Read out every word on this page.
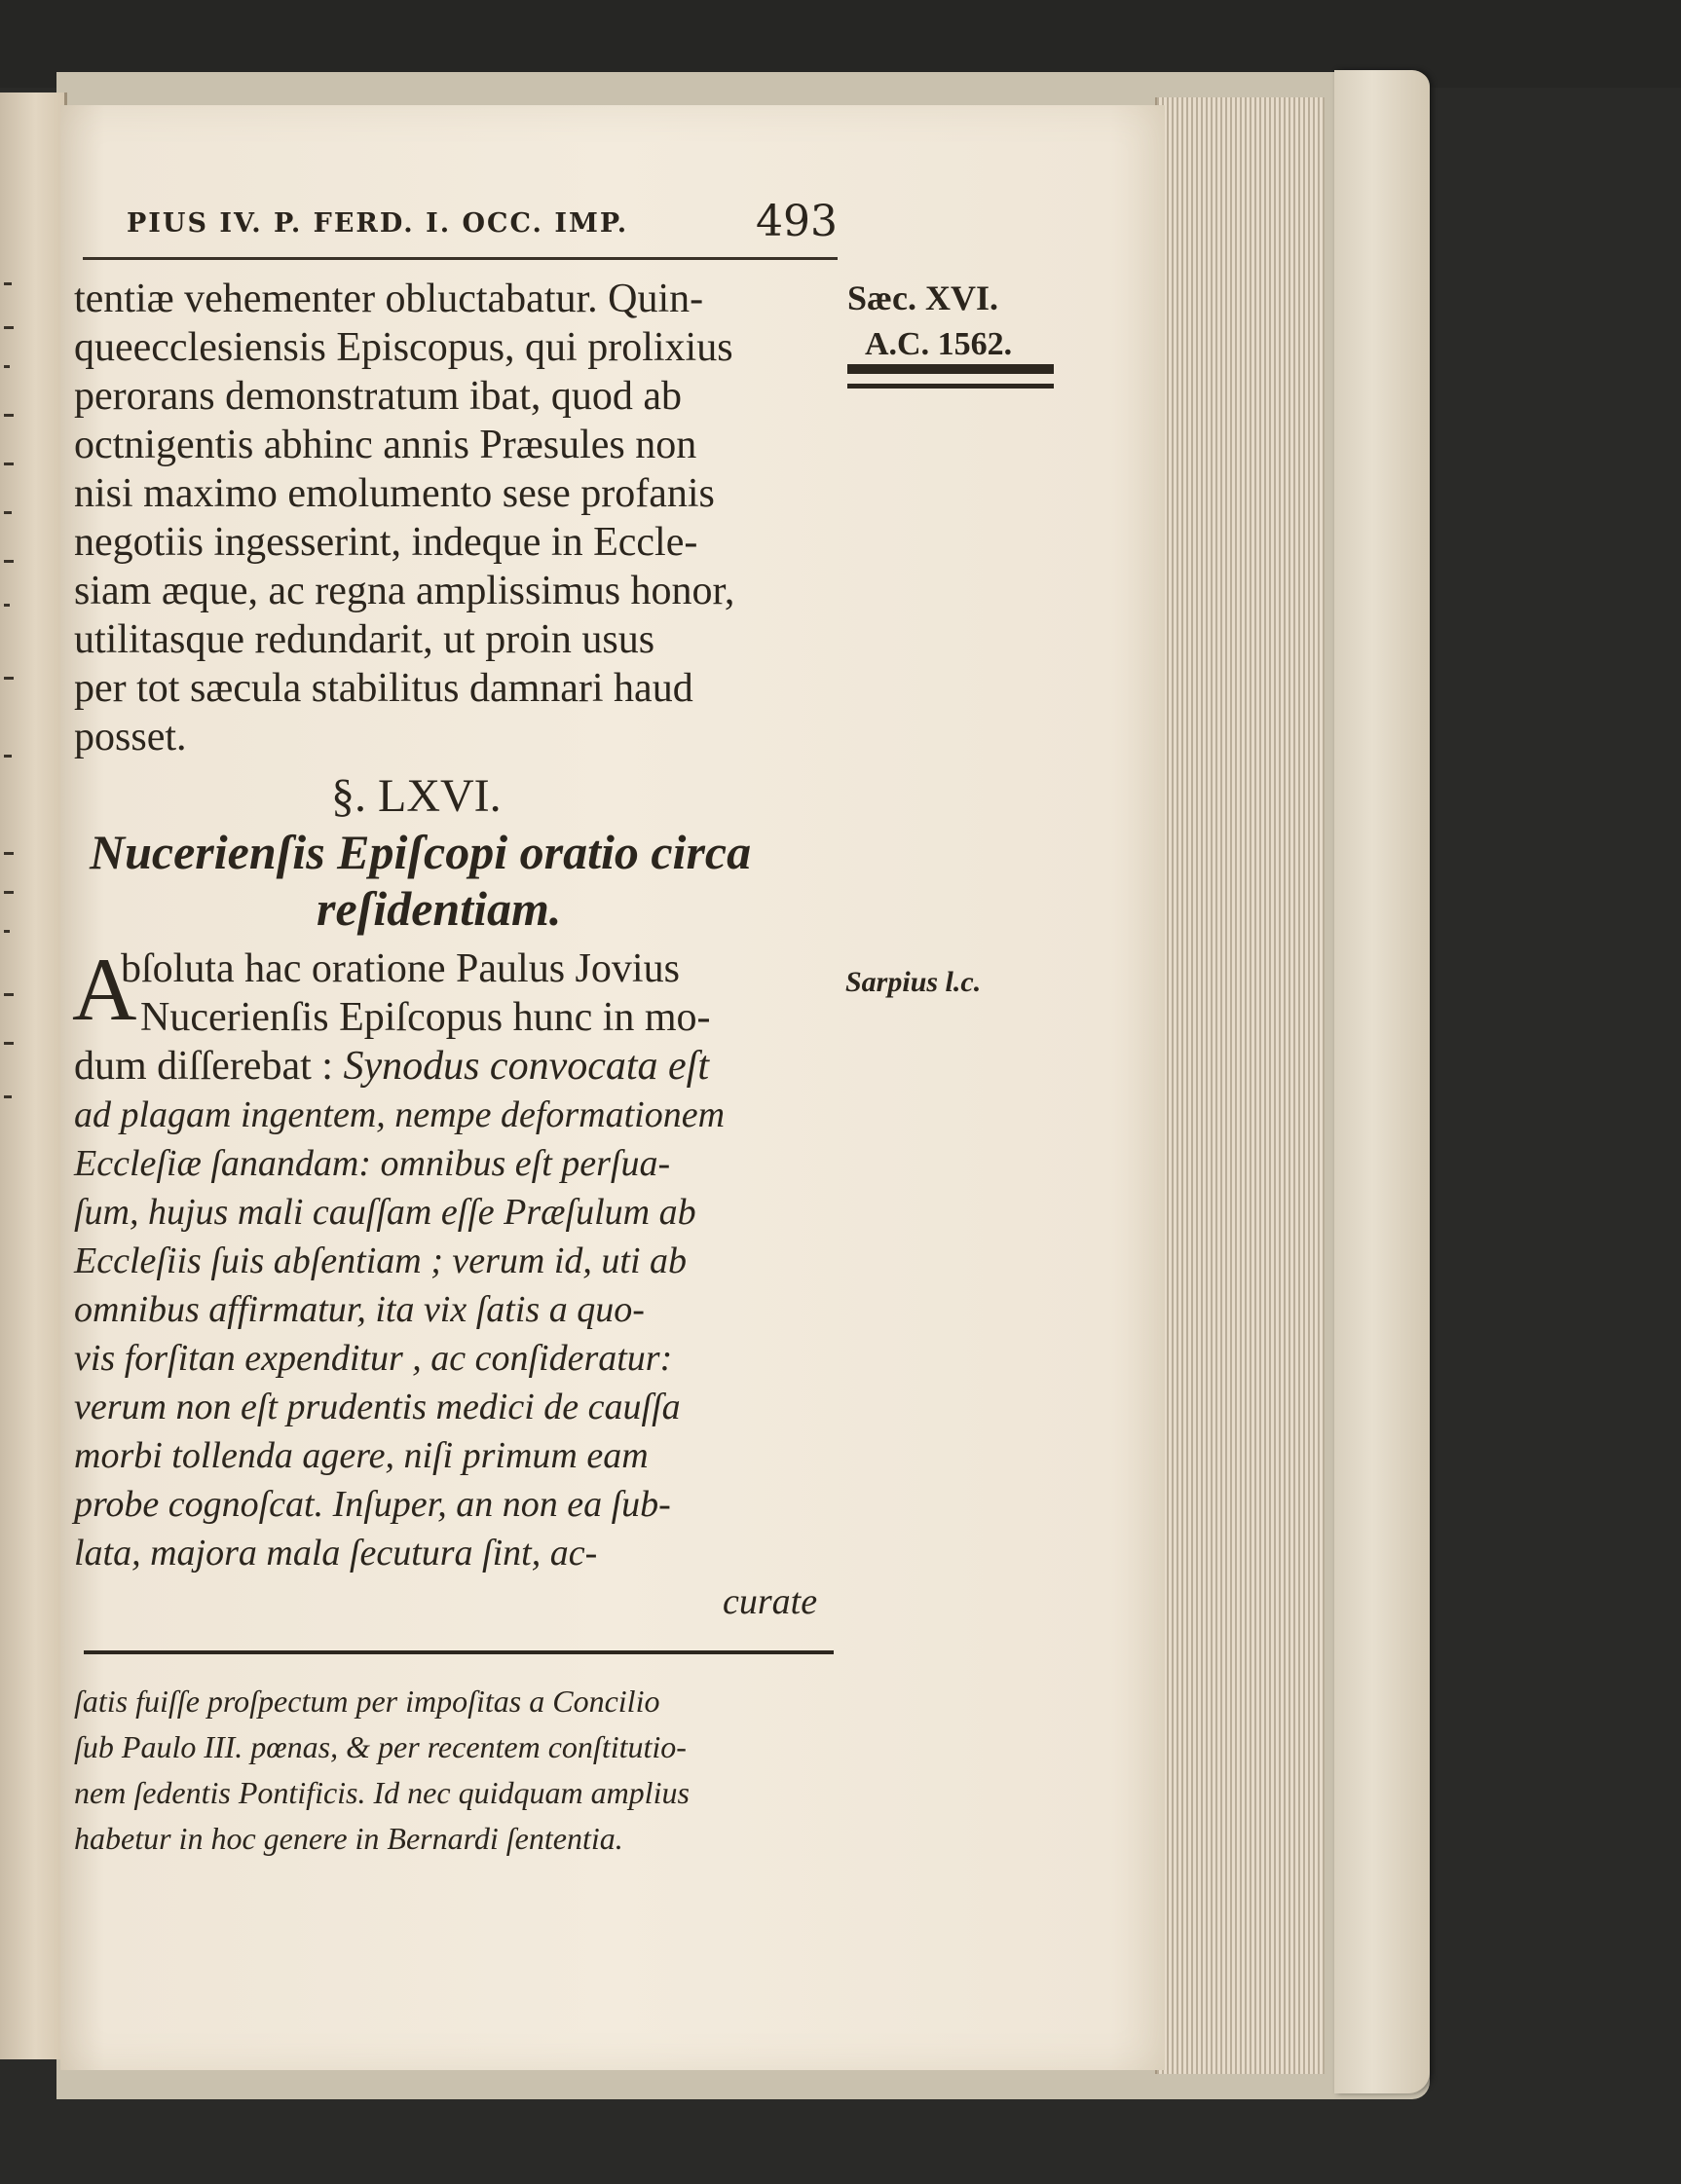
PIUS IV. P. FERD. I. OCC. IMP.	493
Sæc. XVI.
A.C. 1562.
Sarpius l.c.
tentiæ vehementer obluctabatur. Quin-
queecclesiensis Episcopus, qui prolixius
perorans demonstratum ibat, quod ab
octnigentis abhinc annis Præsules non
nisi maximo emolumento sese profanis
negotiis ingesserint, indeque in Eccle-
siam æque, ac regna amplissimus honor,
utilitasque redundarit, ut proin usus
per tot sæcula stabilitus damnari haud
posset.
§. LXVI.
Nucerienſis Epiſcopi oratio circa
reſidentiam.
A
bſoluta hac oratione Paulus Jovius
Nucerienſis Epiſcopus hunc in mo-
dum diſſerebat : Synodus convocata eſt
ad plagam ingentem, nempe deformationem
Eccleſiæ ſanandam: omnibus eſt perſua-
ſum, hujus mali cauſſam eſſe Præſulum ab
Eccleſiis ſuis abſentiam ; verum id, uti ab
omnibus affirmatur, ita vix ſatis a quo-
vis forſitan expenditur , ac conſideratur:
verum non eſt prudentis medici de cauſſa
morbi tollenda agere, niſi primum eam
probe cognoſcat. Inſuper, an non ea ſub-
lata, majora mala ſecutura ſint, ac-
curate
ſatis fuiſſe proſpectum per impoſitas a Concilio
ſub Paulo III. pœnas, & per recentem conſtitutio-
nem ſedentis Pontificis. Id nec quidquam amplius
habetur in hoc genere in Bernardi ſententia.
